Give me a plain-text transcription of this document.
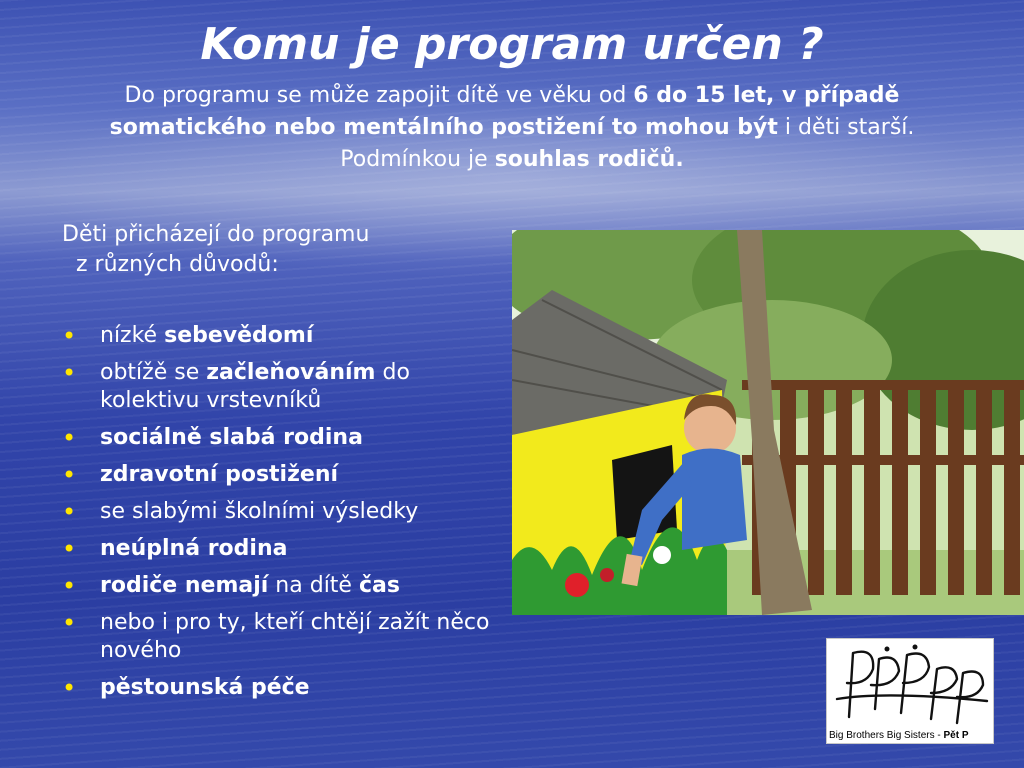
Komu je program určen ?
Do programu se může zapojit dítě ve věku od 6 do 15 let, v případě somatického nebo mentálního postižení to mohou být i děti starší. Podmínkou je souhlas rodičů.
Děti přicházejí do programu
z různých důvodů:
• nízké sebevědomí
• obtížě se začleňováním do kolektivu vrstevníků
• sociálně slabá rodina
• zdravotní postižení
• se slabými školními výsledky
• neúplná rodina
• rodiče nemají na dítě čas
• nebo i pro ty, kteří chtějí zažít něco nového
• pěstounská péče
Big Brothers Big Sisters - Pět P
